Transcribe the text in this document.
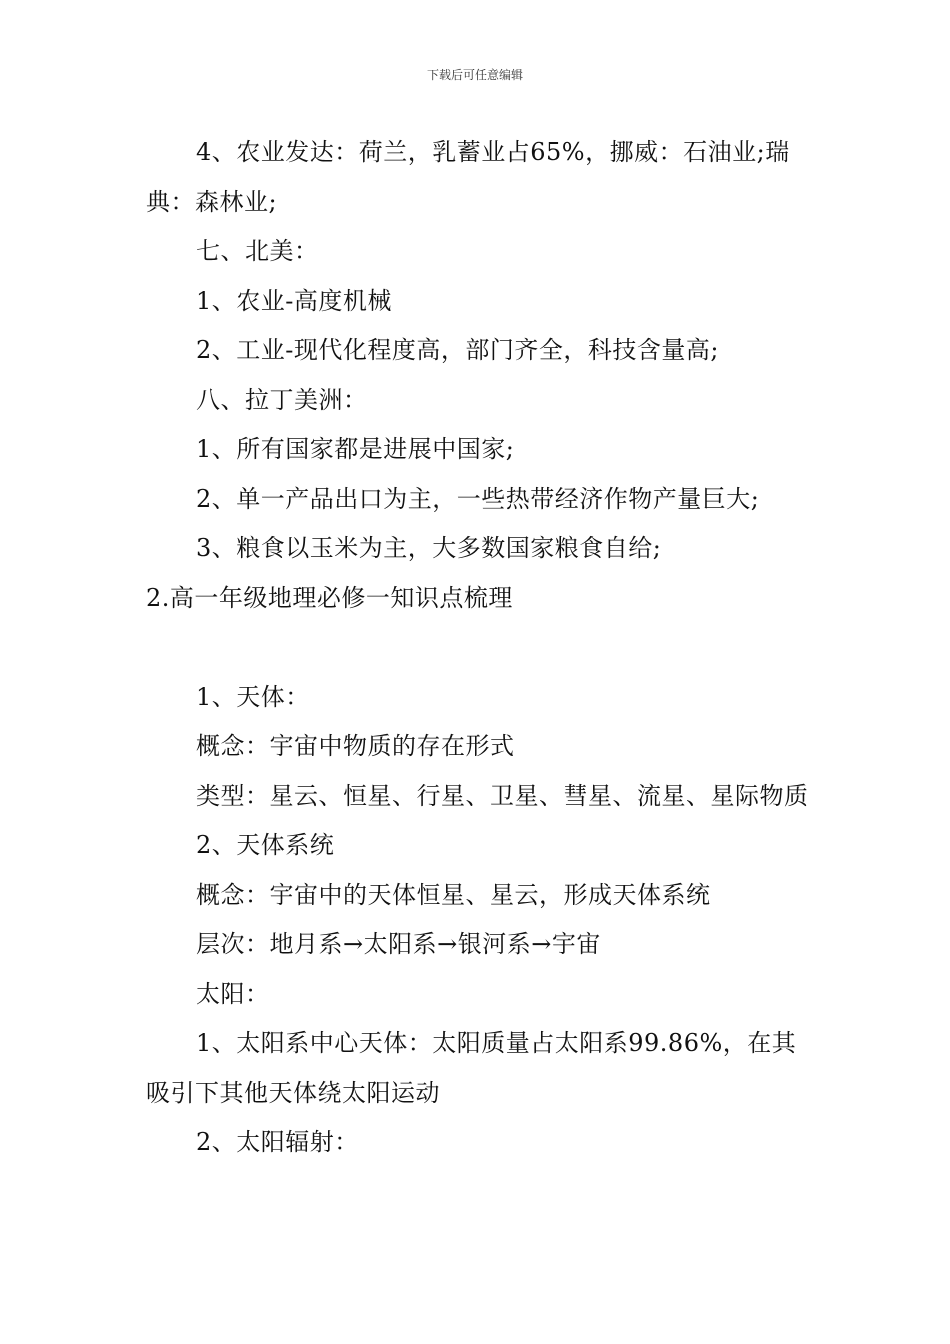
下载后可任意编辑

4、农业发达：荷兰，乳蓄业占65%，挪威：石油业;瑞典：森林业;

七、北美：

1、农业-高度机械

2、工业-现代化程度高，部门齐全，科技含量高;

八、拉丁美洲：

1、所有国家都是进展中国家;

2、单一产品出口为主，一些热带经济作物产量巨大;

3、粮食以玉米为主，大多数国家粮食自给;

2.高一年级地理必修一知识点梳理

1、天体：

概念：宇宙中物质的存在形式

类型：星云、恒星、行星、卫星、彗星、流星、星际物质

2、天体系统

概念：宇宙中的天体恒星、星云，形成天体系统

层次：地月系→太阳系→银河系→宇宙

太阳：

1、太阳系中心天体：太阳质量占太阳系99.86%，在其吸引下其他天体绕太阳运动

2、太阳辐射：
